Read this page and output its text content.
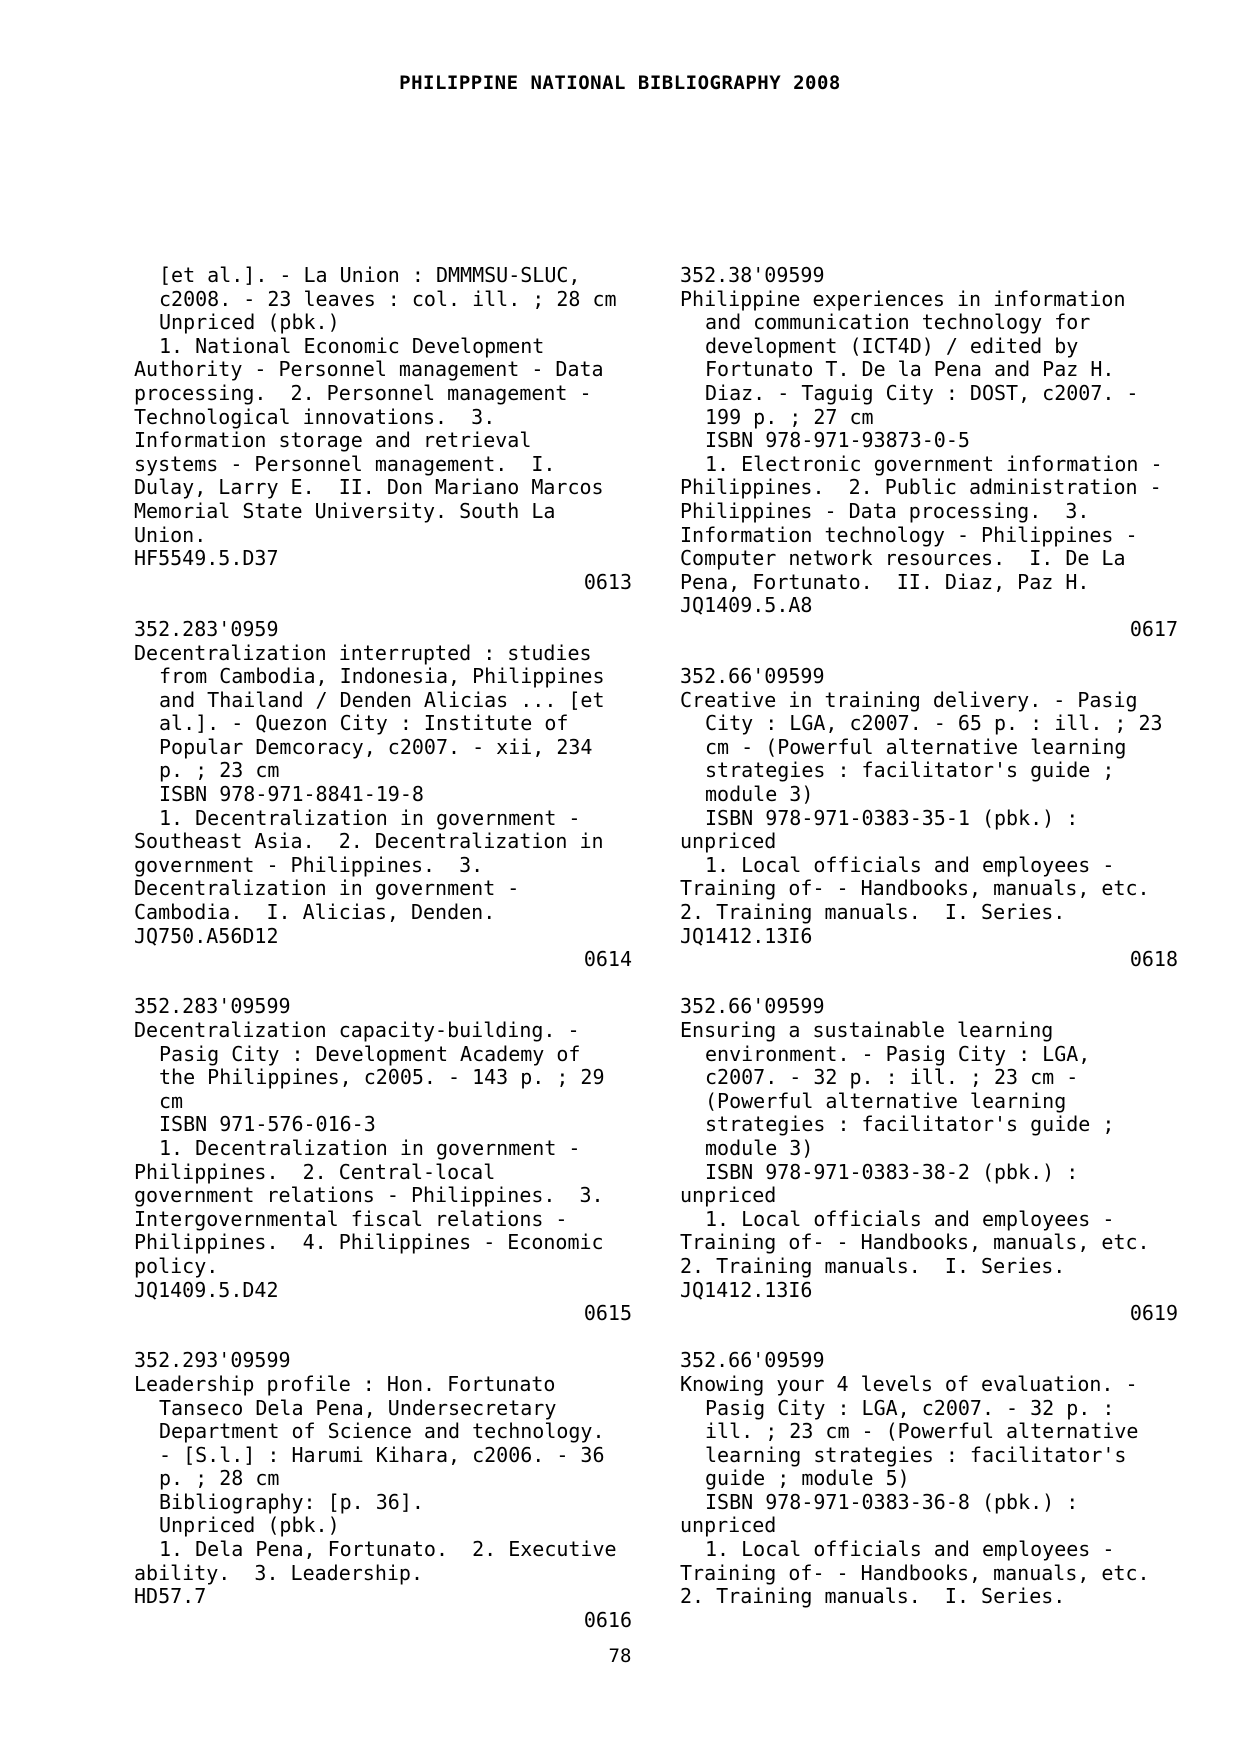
PHILIPPINE NATIONAL BIBLIOGRAPHY 2008
[et al.]. - La Union : DMMMSU-SLUC,
c2008. - 23 leaves : col. ill. ; 28 cm
Unpriced (pbk.)
1. National Economic Development
Authority - Personnel management - Data
processing.  2. Personnel management -
Technological innovations.  3.
Information storage and retrieval
systems - Personnel management.  I.
Dulay, Larry E.  II. Don Mariano Marcos
Memorial State University. South La
Union.
HF5549.5.D37
0613
352.283'0959
Decentralization interrupted : studies
from Cambodia, Indonesia, Philippines
and Thailand / Denden Alicias ... [et
al.]. - Quezon City : Institute of
Popular Demcoracy, c2007. - xii, 234
p. ; 23 cm
ISBN 978-971-8841-19-8
1. Decentralization in government -
Southeast Asia.  2. Decentralization in
government - Philippines.  3.
Decentralization in government -
Cambodia.  I. Alicias, Denden.
JQ750.A56D12
0614
352.283'09599
Decentralization capacity-building. -
Pasig City : Development Academy of
the Philippines, c2005. - 143 p. ; 29
cm
ISBN 971-576-016-3
1. Decentralization in government -
Philippines.  2. Central-local
government relations - Philippines.  3.
Intergovernmental fiscal relations -
Philippines.  4. Philippines - Economic
policy.
JQ1409.5.D42
0615
352.293'09599
Leadership profile : Hon. Fortunato
Tanseco Dela Pena, Undersecretary
Department of Science and technology.
- [S.l.] : Harumi Kihara, c2006. - 36
p. ; 28 cm
Bibliography: [p. 36].
Unpriced (pbk.)
1. Dela Pena, Fortunato.  2. Executive
ability.  3. Leadership.
HD57.7
0616
352.38'09599
Philippine experiences in information
and communication technology for
development (ICT4D) / edited by
Fortunato T. De la Pena and Paz H.
Diaz. - Taguig City : DOST, c2007. -
199 p. ; 27 cm
ISBN 978-971-93873-0-5
1. Electronic government information -
Philippines.  2. Public administration -
Philippines - Data processing.  3.
Information technology - Philippines -
Computer network resources.  I. De La
Pena, Fortunato.  II. Diaz, Paz H.
JQ1409.5.A8
0617
352.66'09599
Creative in training delivery. - Pasig
City : LGA, c2007. - 65 p. : ill. ; 23
cm - (Powerful alternative learning
strategies : facilitator's guide ;
module 3)
ISBN 978-971-0383-35-1 (pbk.) :
unpriced
1. Local officials and employees -
Training of- - Handbooks, manuals, etc.
2. Training manuals.  I. Series.
JQ1412.13I6
0618
352.66'09599
Ensuring a sustainable learning
environment. - Pasig City : LGA,
c2007. - 32 p. : ill. ; 23 cm -
(Powerful alternative learning
strategies : facilitator's guide ;
module 3)
ISBN 978-971-0383-38-2 (pbk.) :
unpriced
1. Local officials and employees -
Training of- - Handbooks, manuals, etc.
2. Training manuals.  I. Series.
JQ1412.13I6
0619
352.66'09599
Knowing your 4 levels of evaluation. -
Pasig City : LGA, c2007. - 32 p. :
ill. ; 23 cm - (Powerful alternative
learning strategies : facilitator's
guide ; module 5)
ISBN 978-971-0383-36-8 (pbk.) :
unpriced
1. Local officials and employees -
Training of- - Handbooks, manuals, etc.
2. Training manuals.  I. Series.
78
